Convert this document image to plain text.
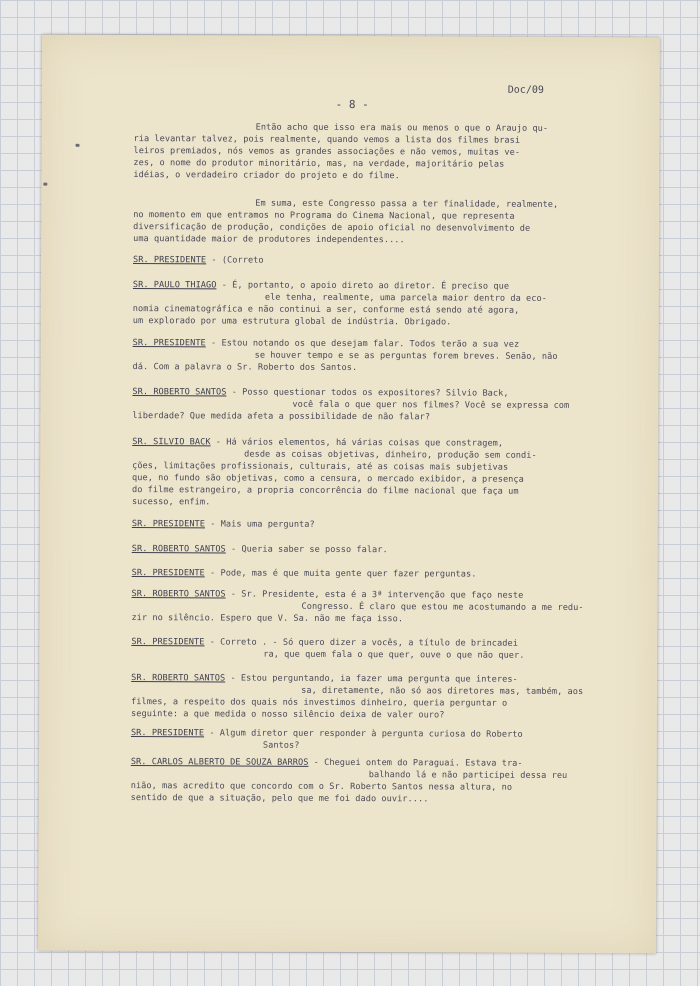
Doc/09
- 8 -
Então acho que isso era mais ou menos o que o Araujo qu-
ria levantar talvez, pois realmente, quando vemos a lista dos filmes brasi
leiros premiados, nós vemos as grandes associações e não vemos, muitas ve-
zes, o nome do produtor minoritário, mas, na verdade, majoritário pelas
idéias, o verdadeiro criador do projeto e do filme.
Em suma, este Congresso passa a ter finalidade, realmente,
no momento em que entramos no Programa do Cinema Nacional, que representa
diversificação de produção, condições de apoio oficial no desenvolvimento de
uma quantidade maior de produtores independentes....
SR. PRESIDENTE - (Correto
SR. PAULO THIAGO - É, portanto, o apoio direto ao diretor. É preciso que
ele tenha, realmente, uma parcela maior dentro da eco-
nomia cinematográfica e não continui a ser, conforme está sendo até agora,
um explorado por uma estrutura global de indústria. Obrigado.
SR. PRESIDENTE - Estou notando os que desejam falar. Todos terão a sua vez
se houver tempo e se as perguntas forem breves. Senão, não
dá. Com a palavra o Sr. Roberto dos Santos.
SR. ROBERTO SANTOS - Posso questionar todos os expositores? Silvio Back,
você fala o que quer nos filmes? Você se expressa com
liberdade? Que medida afeta a possibilidade de não falar?
SR. SILVIO BACK - Há vários elementos, há várias coisas que constragem,
desde as coisas objetivas, dinheiro, produção sem condi-
ções, limitações profissionais, culturais, até as coisas mais subjetivas
que, no fundo são objetivas, como a censura, o mercado exibidor, a presença
do filme estrangeiro, a propria concorrência do filme nacional que faça um
sucesso, enfim.
SR. PRESIDENTE - Mais uma pergunta?
SR. ROBERTO SANTOS - Queria saber se posso falar.
SR. PRESIDENTE - Pode, mas é que muita gente quer fazer perguntas.
SR. ROBERTO SANTOS - Sr. Presidente, esta é a 3ª intervenção que faço neste
Congresso. É claro que estou me acostumando a me redu-
zir no silêncio. Espero que V. Sa. não me faça isso.
SR. PRESIDENTE - Correto . - Só quero dizer a vocês, a título de brincadei
ra, que quem fala o que quer, ouve o que não quer.
SR. ROBERTO SANTOS - Estou perguntando, ia fazer uma pergunta que interes-
sa, diretamente, não só aos diretores mas, também, aos
filmes, a respeito dos quais nós investimos dinheiro, queria perguntar o
seguinte: a que medida o nosso silêncio deixa de valer ouro?
SR. PRESIDENTE - Algum diretor quer responder à pergunta curiosa do Roberto
Santos?
SR. CARLOS ALBERTO DE SOUZA BARROS - Cheguei ontem do Paraguai. Estava tra-
balhando lá e não participei dessa reu
nião, mas acredito que concordo com o Sr. Roberto Santos nessa altura, no
sentido de que a situação, pelo que me foi dado ouvir....
